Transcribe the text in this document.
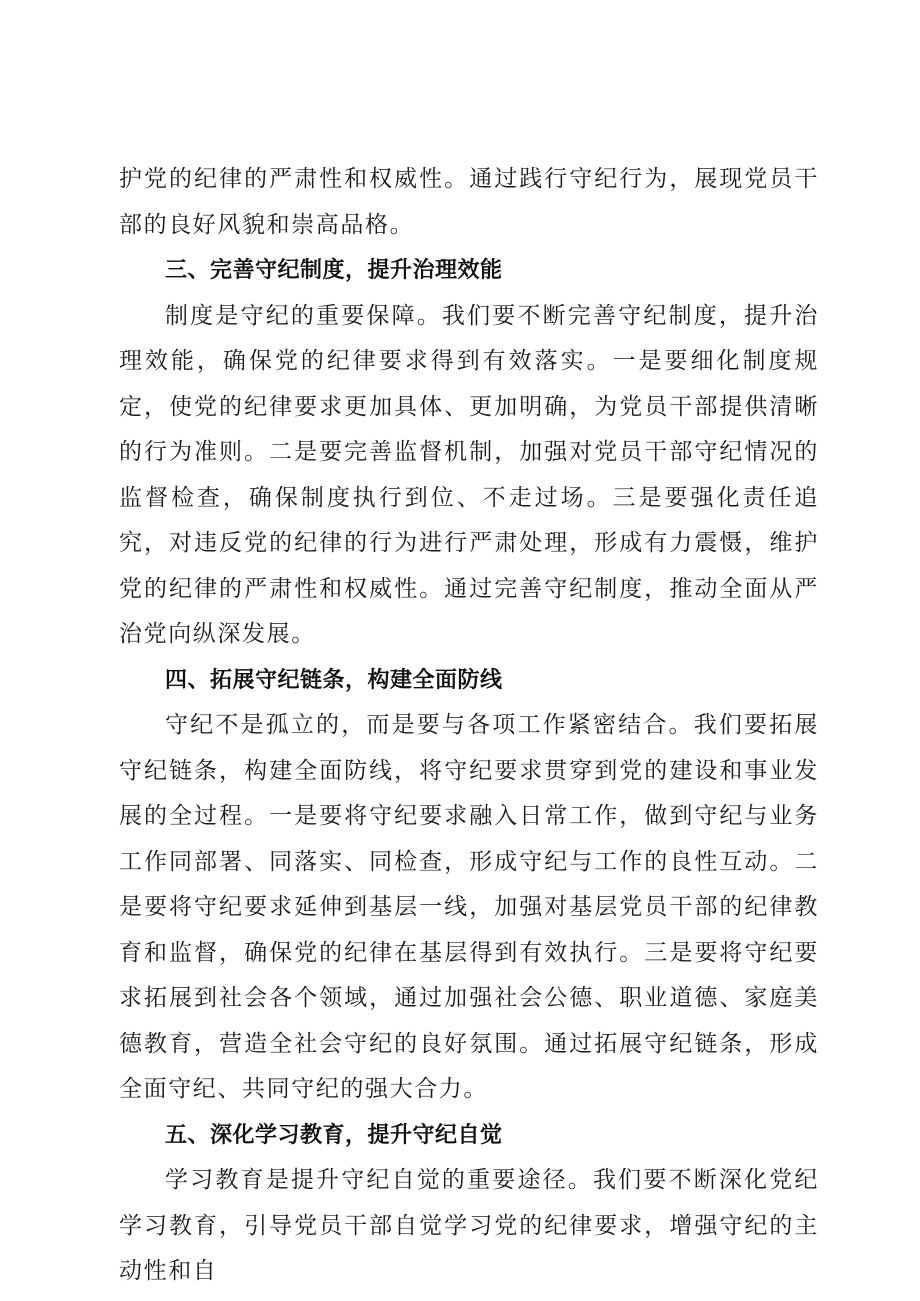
护党的纪律的严肃性和权威性。通过践行守纪行为，展现党员干部的良好风貌和崇高品格。

三、完善守纪制度，提升治理效能

制度是守纪的重要保障。我们要不断完善守纪制度，提升治理效能，确保党的纪律要求得到有效落实。一是要细化制度规定，使党的纪律要求更加具体、更加明确，为党员干部提供清晰的行为准则。二是要完善监督机制，加强对党员干部守纪情况的监督检查，确保制度执行到位、不走过场。三是要强化责任追究，对违反党的纪律的行为进行严肃处理，形成有力震慑，维护党的纪律的严肃性和权威性。通过完善守纪制度，推动全面从严治党向纵深发展。

四、拓展守纪链条，构建全面防线

守纪不是孤立的，而是要与各项工作紧密结合。我们要拓展守纪链条，构建全面防线，将守纪要求贯穿到党的建设和事业发展的全过程。一是要将守纪要求融入日常工作，做到守纪与业务工作同部署、同落实、同检查，形成守纪与工作的良性互动。二是要将守纪要求延伸到基层一线，加强对基层党员干部的纪律教育和监督，确保党的纪律在基层得到有效执行。三是要将守纪要求拓展到社会各个领域，通过加强社会公德、职业道德、家庭美德教育，营造全社会守纪的良好氛围。通过拓展守纪链条，形成全面守纪、共同守纪的强大合力。

五、深化学习教育，提升守纪自觉

学习教育是提升守纪自觉的重要途径。我们要不断深化党纪学习教育，引导党员干部自觉学习党的纪律要求，增强守纪的主动性和自
